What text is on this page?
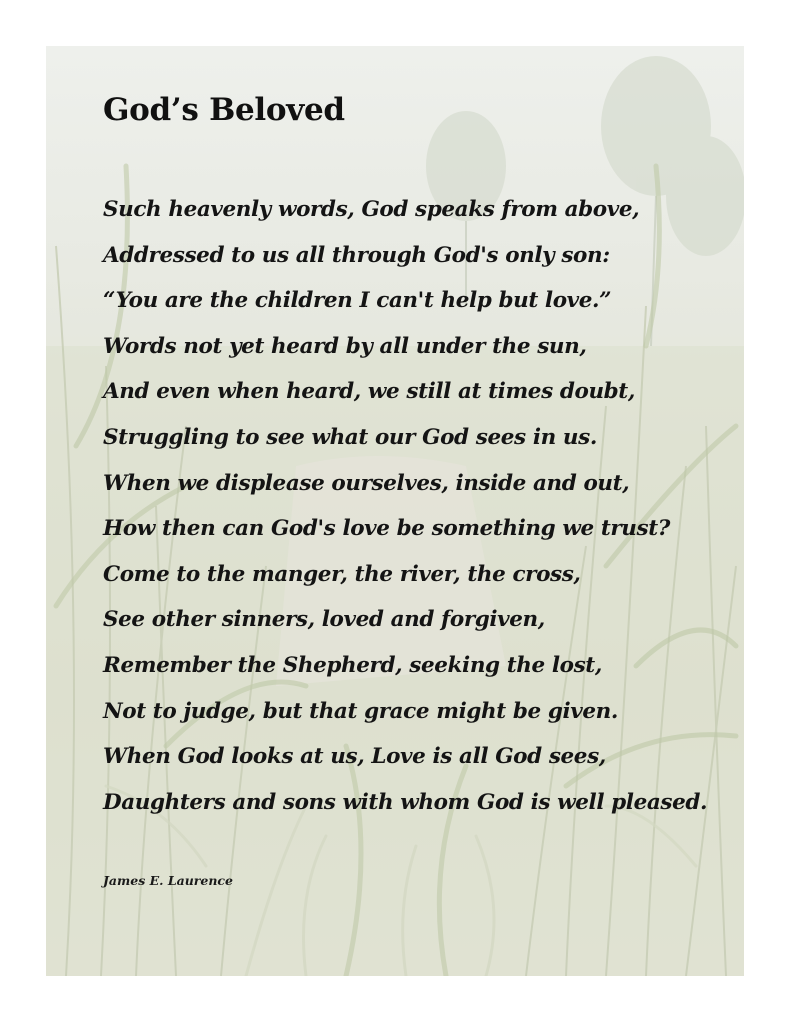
God’s Beloved
Such heavenly words, God speaks from above,
Addressed to us all through God's only son:
“You are the children I can't help but love.”
Words not yet heard by all under the sun,
And even when heard, we still at times doubt,
Struggling to see what our God sees in us.
When we displease ourselves, inside and out,
How then can God's love be something we trust?
Come to the manger, the river, the cross,
See other sinners, loved and forgiven,
Remember the Shepherd, seeking the lost,
Not to judge, but that grace might be given.
When God looks at us, Love is all God sees,
Daughters and sons with whom God is well pleased.

James E. Laurence
